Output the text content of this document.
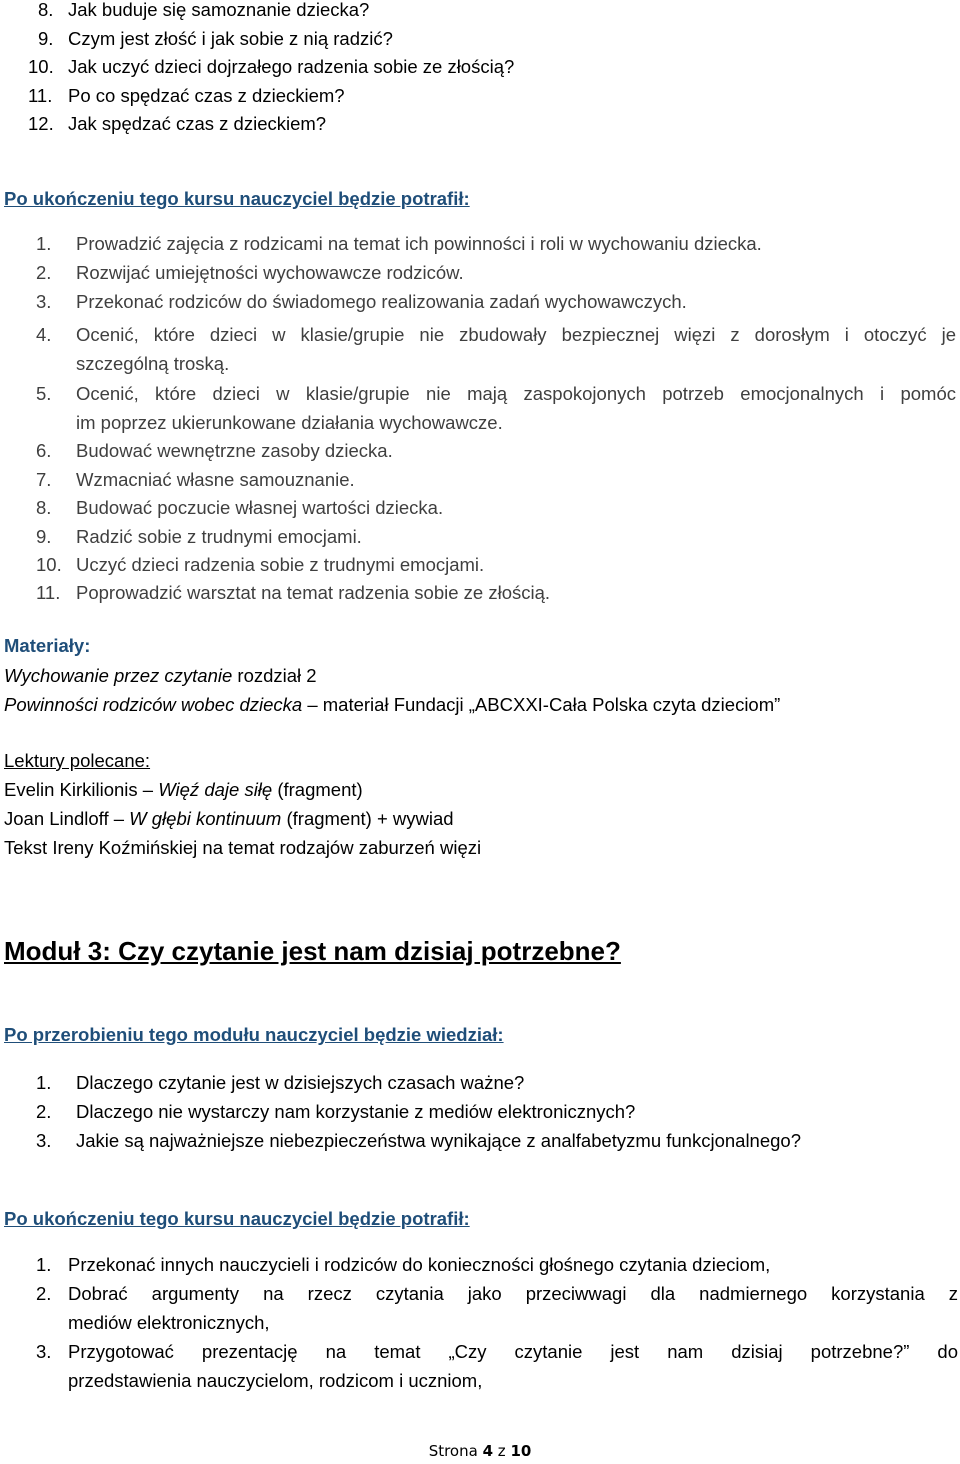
8. Jak buduje się samoznanie dziecka?
9. Czym jest złość i jak sobie z nią radzić?
10. Jak uczyć dzieci dojrzałego radzenia sobie ze złością?
11. Po co spędzać czas z dzieckiem?
12. Jak spędzać czas z dzieckiem?
Po ukończeniu tego kursu nauczyciel będzie potrafił:
1. Prowadzić zajęcia z rodzicami na temat ich powinności i roli w wychowaniu dziecka.
2. Rozwijać umiejętności wychowawcze rodziców.
3. Przekonać rodziców do świadomego realizowania zadań wychowawczych.
4. Ocenić, które dzieci w klasie/grupie nie zbudowały bezpiecznej więzi z dorosłym i otoczyć je
szczególną troską.
5. Ocenić, które dzieci w klasie/grupie nie mają zaspokojonych potrzeb emocjonalnych i pomóc
im poprzez ukierunkowane działania wychowawcze.
6. Budować wewnętrzne zasoby dziecka.
7. Wzmacniać własne samouznanie.
8. Budować poczucie własnej wartości dziecka.
9. Radzić sobie z trudnymi emocjami.
10. Uczyć dzieci radzenia sobie z trudnymi emocjami.
11. Poprowadzić warsztat na temat radzenia sobie ze złością.
Materiały:
Wychowanie przez czytanie rozdział 2
Powinności rodziców wobec dziecka – materiał Fundacji „ABCXXI-Cała Polska czyta dzieciom”
Lektury polecane:
Evelin Kirkilionis – Więź daje siłę (fragment)
Joan Lindloff – W głębi kontinuum (fragment) + wywiad
Tekst Ireny Koźmińskiej na temat rodzajów zaburzeń więzi
Moduł 3: Czy czytanie jest nam dzisiaj potrzebne?
Po przerobieniu tego modułu nauczyciel będzie wiedział:
1. Dlaczego czytanie jest w dzisiejszych czasach ważne?
2. Dlaczego nie wystarczy nam korzystanie z mediów elektronicznych?
3. Jakie są najważniejsze niebezpieczeństwa wynikające z analfabetyzmu funkcjonalnego?
Po ukończeniu tego kursu nauczyciel będzie potrafił:
1. Przekonać innych nauczycieli i rodziców do konieczności głośnego czytania dzieciom,
2. Dobrać argumenty na rzecz czytania jako przeciwwagi dla nadmiernego korzystania z
mediów elektronicznych,
3. Przygotować prezentację na temat „Czy czytanie jest nam dzisiaj potrzebne?” do
przedstawienia nauczycielom, rodzicom i uczniom,
Strona 4 z 10
